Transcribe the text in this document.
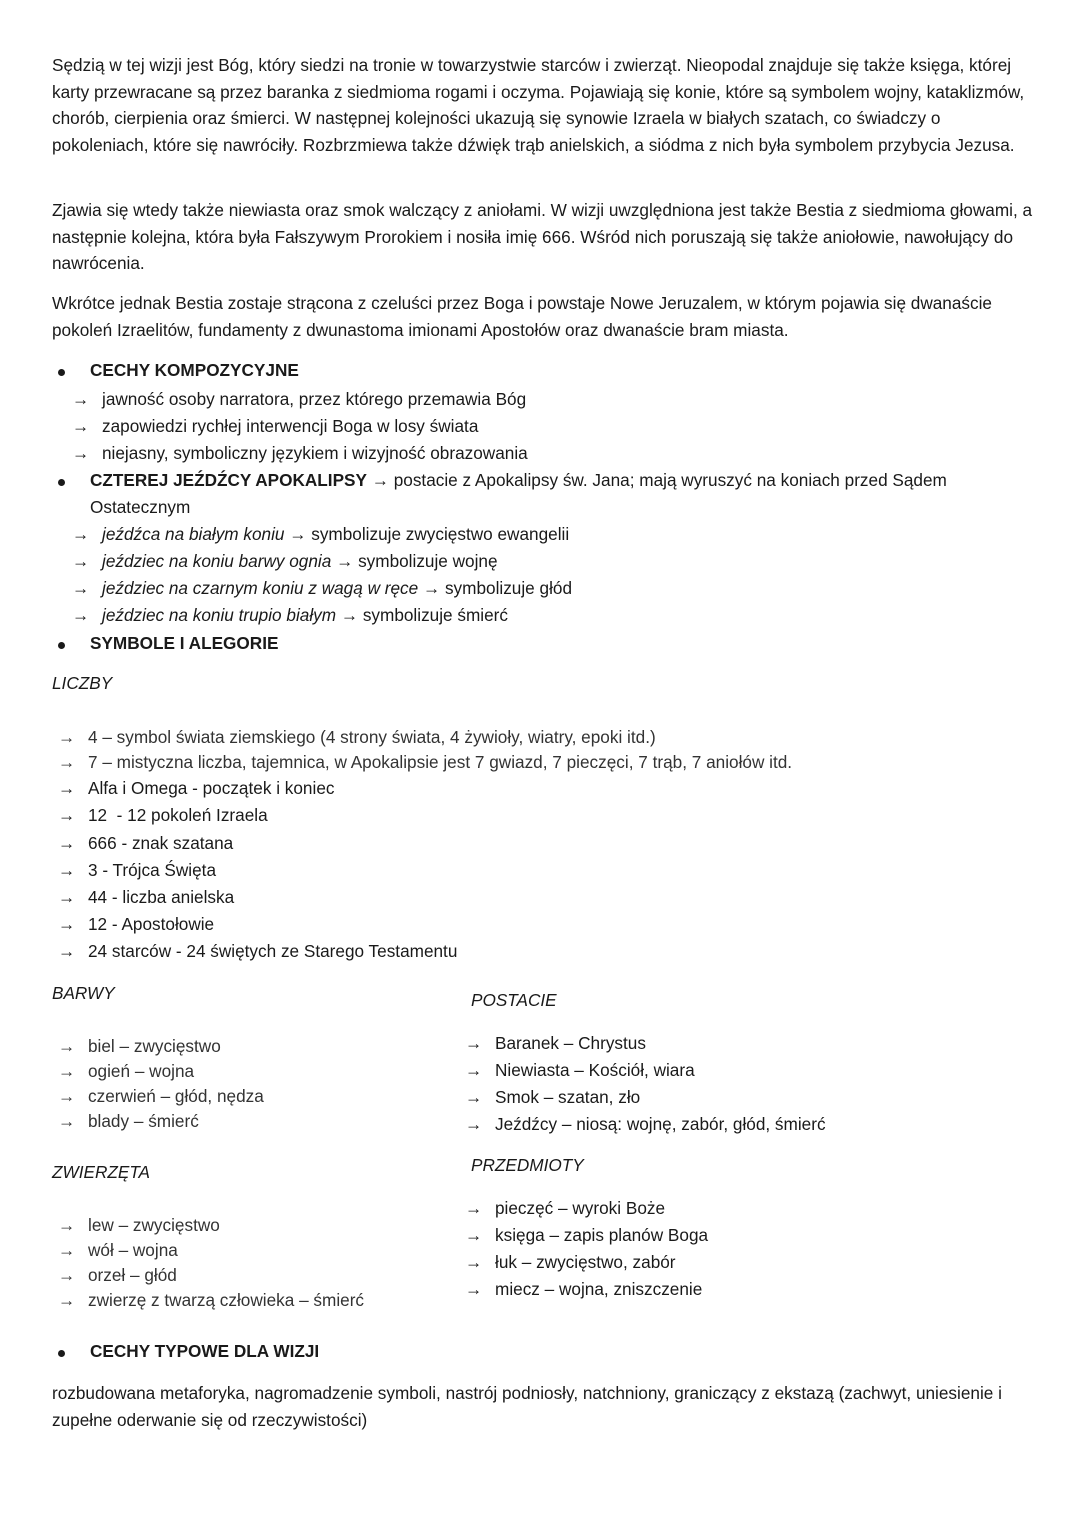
Sędzią w tej wizji jest Bóg, który siedzi na tronie w towarzystwie starców i zwierząt. Nieopodal znajduje się także księga, której karty przewracane są przez baranka z siedmioma rogami i oczyma. Pojawiają się konie, które są symbolem wojny, kataklizmów, chorób, cierpienia oraz śmierci. W następnej kolejności ukazują się synowie Izraela w białych szatach, co świadczy o pokoleniach, które się nawróciły. Rozbrzmiewa także dźwięk trąb anielskich, a siódma z nich była symbolem przybycia Jezusa.

Zjawia się wtedy także niewiasta oraz smok walczący z aniołami. W wizji uwzględniona jest także Bestia z siedmioma głowami, a następnie kolejna, która była Fałszywym Prorokiem i nosiła imię 666. Wśród nich poruszają się także aniołowie, nawołujący do nawrócenia.

Wkrótce jednak Bestia zostaje strącona z czeluści przez Boga i powstaje Nowe Jeruzalem, w którym pojawia się dwanaście pokoleń Izraelitów, fundamenty z dwunastoma imionami Apostołów oraz dwanaście bram miasta.

CECHY KOMPOZYCYJNE
→ jawność osoby narratora, przez którego przemawia Bóg
→ zapowiedzi rychłej interwencji Boga w losy świata
→ niejasny, symboliczny językiem i wizyjność obrazowania
CZTEREJ JEŹDŹCY APOKALIPSY → postacie z Apokalipsy św. Jana; mają wyruszyć na koniach przed Sądem
Ostatecznym
→ jeźdźca na białym koniu → symbolizuje zwycięstwo ewangelii
→ jeździec na koniu barwy ognia → symbolizuje wojnę
→ jeździec na czarnym koniu z wagą w ręce → symbolizuje głód
→ jeździec na koniu trupio białym → symbolizuje śmierć
SYMBOLE I ALEGORIE
LICZBY
→ 4 – symbol świata ziemskiego (4 strony świata, 4 żywioły, wiatry, epoki itd.)
→ 7 – mistyczna liczba, tajemnica, w Apokalipsie jest 7 gwiazd, 7 pieczęci, 7 trąb, 7 aniołów itd.
→ Alfa i Omega - początek i koniec
→ 12  - 12 pokoleń Izraela
→ 666 - znak szatana
→ 3 - Trójca Święta
→ 44 - liczba anielska
→ 12 - Apostołowie
→ 24 starców - 24 świętych ze Starego Testamentu
BARWY
→ biel – zwycięstwo
→ ogień – wojna
→ czerwień – głód, nędza
→ blady – śmierć
POSTACIE
→ Baranek – Chrystus
→ Niewiasta – Kościół, wiara
→ Smok – szatan, zło
→ Jeźdźcy – niosą: wojnę, zabór, głód, śmierć
ZWIERZĘTA
→ lew – zwycięstwo
→ wół – wojna
→ orzeł – głód
→ zwierzę z twarzą człowieka – śmierć
PRZEDMIOTY
→ pieczęć – wyroki Boże
→ księga – zapis planów Boga
→ łuk – zwycięstwo, zabór
→ miecz – wojna, zniszczenie
CECHY TYPOWE DLA WIZJI

rozbudowana metaforyka, nagromadzenie symboli, nastrój podniosły, natchniony, graniczący z ekstazą (zachwyt, uniesienie i zupełne oderwanie się od rzeczywistości)
